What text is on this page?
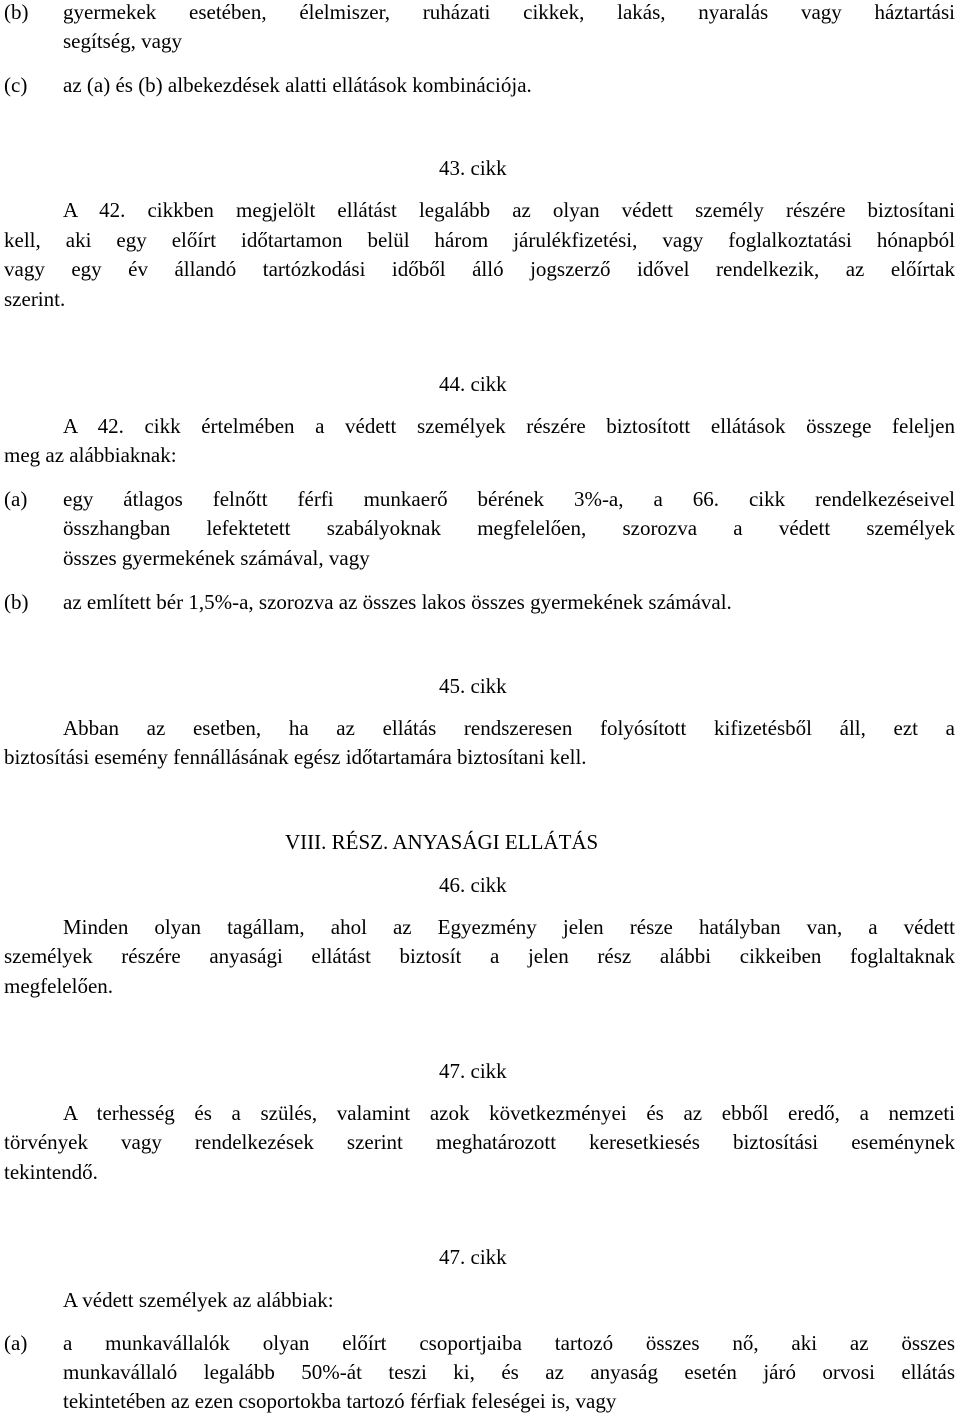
(b) gyermekek esetében, élelmiszer, ruházati cikkek, lakás, nyaralás vagy háztartási
segítség, vagy
(c) az (a) és (b) albekezdések alatti ellátások kombinációja.
43. cikk
A 42. cikkben megjelölt ellátást legalább az olyan védett személy részére biztosítani
kell, aki egy előírt időtartamon belül három járulékfizetési, vagy foglalkoztatási hónapból
vagy egy év állandó tartózkodási időből álló jogszerző idővel rendelkezik, az előírtak
szerint.
44. cikk
A 42. cikk értelmében a védett személyek részére biztosított ellátások összege feleljen
meg az alábbiaknak:
(a) egy átlagos felnőtt férfi munkaerő bérének 3%-a, a 66. cikk rendelkezéseivel
összhangban lefektetett szabályoknak megfelelően, szorozva a védett személyek
összes gyermekének számával, vagy
(b) az említett bér 1,5%-a, szorozva az összes lakos összes gyermekének számával.
45. cikk
Abban az esetben, ha az ellátás rendszeresen folyósított kifizetésből áll, ezt a
biztosítási esemény fennállásának egész időtartamára biztosítani kell.
VIII. RÉSZ. ANYASÁGI ELLÁTÁS
46. cikk
Minden olyan tagállam, ahol az Egyezmény jelen része hatályban van, a védett
személyek részére anyasági ellátást biztosít a jelen rész alábbi cikkeiben foglaltaknak
megfelelően.
47. cikk
A terhesség és a szülés, valamint azok következményei és az ebből eredő, a nemzeti
törvények vagy rendelkezések szerint meghatározott keresetkiesés biztosítási eseménynek
tekintendő.
47. cikk
A védett személyek az alábbiak:
(a) a munkavállalók olyan előírt csoportjaiba tartozó összes nő, aki az összes
munkavállaló legalább 50%-át teszi ki, és az anyaság esetén járó orvosi ellátás
tekintetében az ezen csoportokba tartozó férfiak feleségei is, vagy
